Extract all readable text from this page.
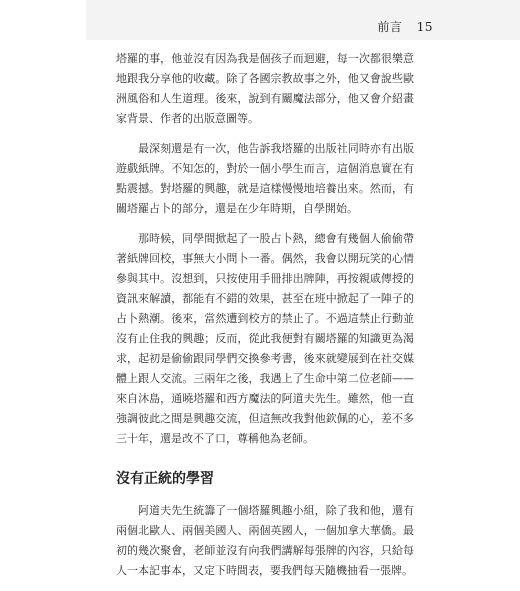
前言 15

塔羅的事，他並沒有因為我是個孩子而迴避，每一次都很樂意地跟我分享他的收藏。除了各國宗教故事之外，他又會說些歐洲風俗和人生道理。後來，說到有關魔法部分，他又會介紹畫家背景、作者的出版意圖等。

最深刻還是有一次，他告訴我塔羅的出版社同時亦有出版遊戲紙牌。不知怎的，對於一個小學生而言，這個消息實在有點震撼。對塔羅的興趣，就是這樣慢慢地培養出來。然而，有關塔羅占卜的部分，還是在少年時期，自學開始。

那時候，同學間掀起了一股占卜熱，總會有幾個人偷偷帶著紙牌回校，事無大小問卜一番。偶然，我會以開玩笑的心情參與其中。沒想到，只按使用手冊排出牌陣，再按親戚傳授的資訊來解讀，都能有不錯的效果，甚至在班中掀起了一陣子的占卜熱潮。後來，當然遭到校方的禁止了。不過這禁止行動並沒有止住我的興趣；反而，從此我便對有關塔羅的知識更為渴求，起初是偷偷跟同學們交換參考書，後來就變展到在社交媒體上跟人交流。三兩年之後，我遇上了生命中第二位老師——來自沐島，通曉塔羅和西方魔法的阿道夫先生。雖然，他一直強調彼此之間是興趣交流，但這無改我對他欽佩的心，差不多三十年，還是改不了口，尊稱他為老師。

沒有正統的學習

阿道夫先生統籌了一個塔羅興趣小組，除了我和他，還有兩個北歐人、兩個美國人、兩個英國人，一個加拿大華僑。最初的幾次聚會，老師並沒有向我們講解每張牌的內容，只給每人一本記事本，又定下時間表，要我們每天隨機抽看一張牌。
